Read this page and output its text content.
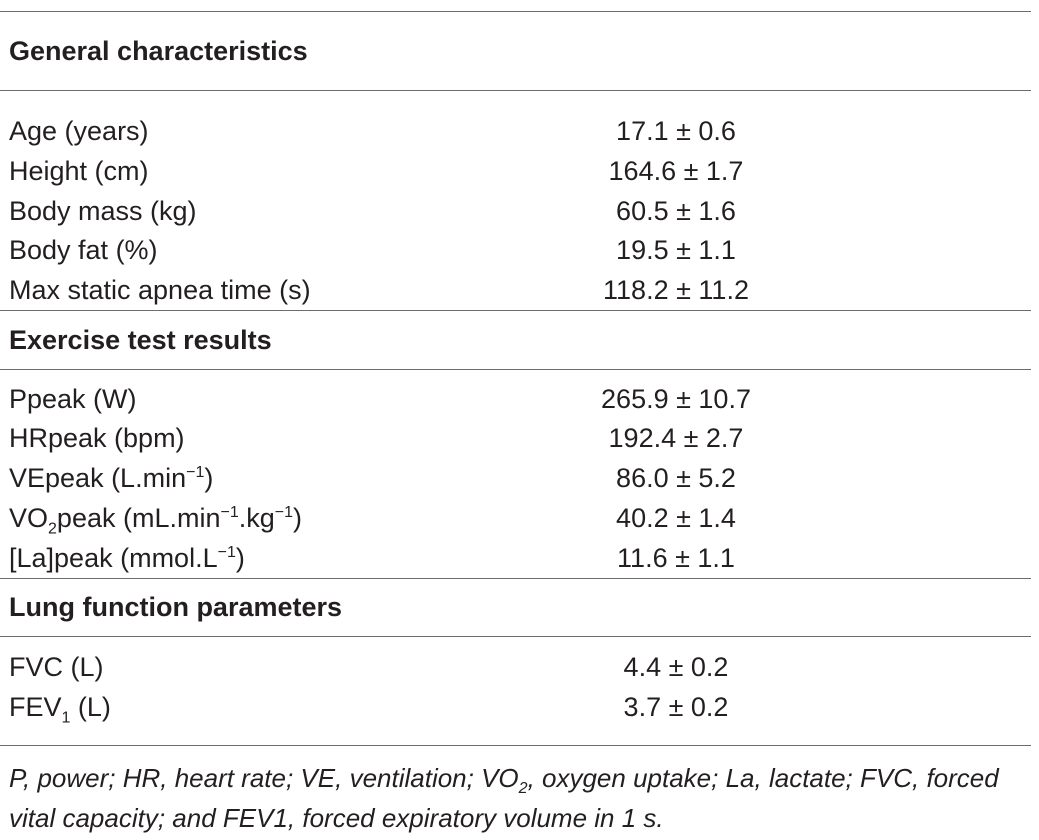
General characteristics
Age (years)	17.1 ± 0.6
Height (cm)	164.6 ± 1.7
Body mass (kg)	60.5 ± 1.6
Body fat (%)	19.5 ± 1.1
Max static apnea time (s)	118.2 ± 11.2
Exercise test results
Ppeak (W)	265.9 ± 10.7
HRpeak (bpm)	192.4 ± 2.7
VEpeak $(L.\min^{-1})$	86.0 ± 5.2
$VO_2peak$ $(mL.\min^{-1}.kg^{-1})$	40.2 ± 1.4
[La]peak $(mmol.L^{-1})$	11.6 ± 1.1
Lung function parameters
FVC (L)	4.4 ± 0.2
$FEV_1$ (L)	3.7 ± 0.2
P, power; HR, heart rate; VE, ventilation; $VO_2$, oxygen uptake; La, lactate; FVC, forced vital capacity; and FEV1, forced expiratory volume in 1 s.
